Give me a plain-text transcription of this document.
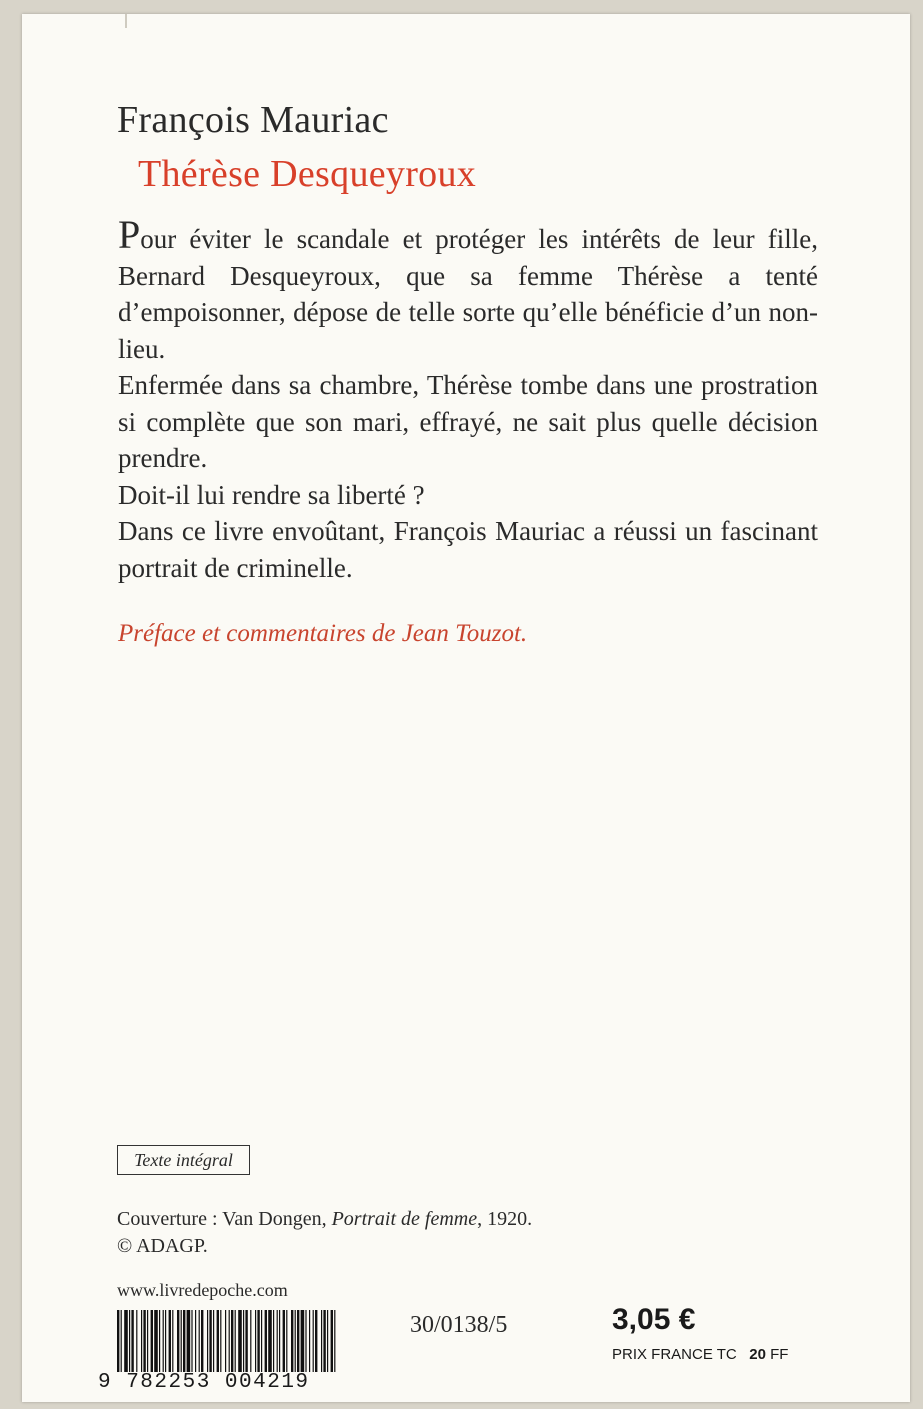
François Mauriac
Thérèse Desqueyroux

Pour éviter le scandale et protéger les intérêts de leur fille, Bernard Desqueyroux, que sa femme Thérèse a tenté d’empoisonner, dépose de telle sorte qu’elle bénéficie d’un non-lieu.

Enfermée dans sa chambre, Thérèse tombe dans une prostration si complète que son mari, effrayé, ne sait plus quelle décision prendre.

Doit-il lui rendre sa liberté ?

Dans ce livre envoûtant, François Mauriac a réussi un fascinant portrait de criminelle.

Préface et commentaires de Jean Touzot.
Texte intégral
Couverture : Van Dongen, Portrait de femme, 1920.
© ADAGP.
www.livredepoche.com
9 782253 004219
30/0138/5	3,05 €
PRIX FRANCE TC 20 FF
